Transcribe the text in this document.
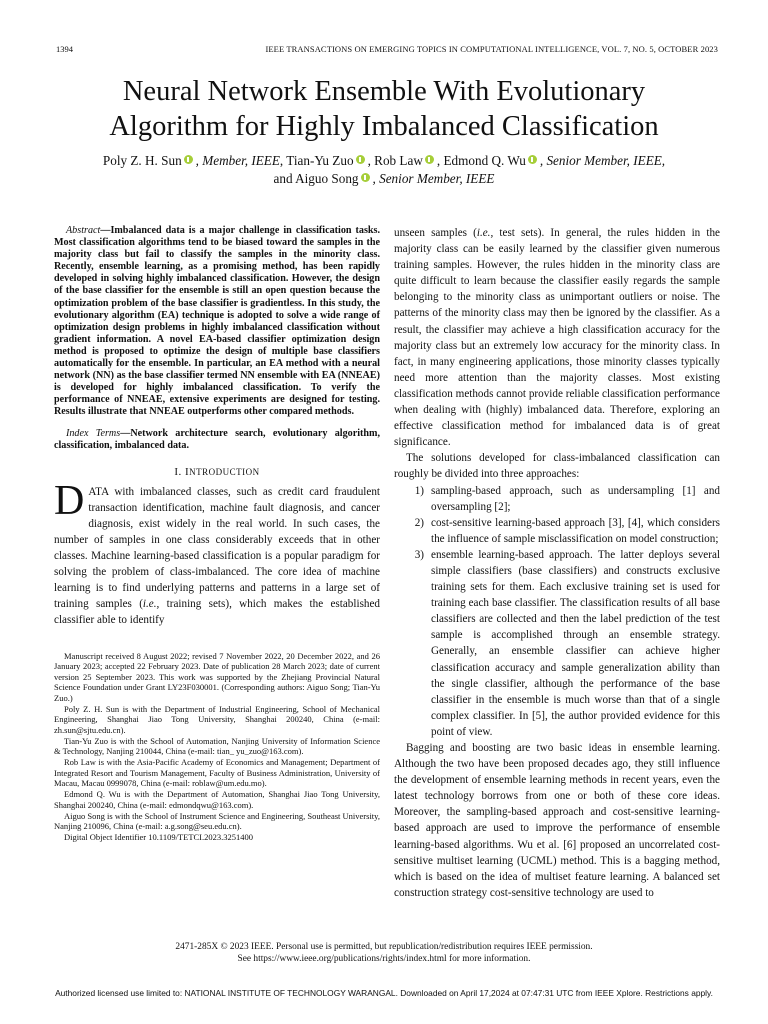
1394	IEEE TRANSACTIONS ON EMERGING TOPICS IN COMPUTATIONAL INTELLIGENCE, VOL. 7, NO. 5, OCTOBER 2023
Neural Network Ensemble With Evolutionary
Algorithm for Highly Imbalanced Classification
Poly Z. H. Sun , Member, IEEE, Tian-Yu Zuo , Rob Law , Edmond Q. Wu , Senior Member, IEEE,
and Aiguo Song , Senior Member, IEEE

Abstract—Imbalanced data is a major challenge in classification tasks. Most classification algorithms tend to be biased toward the samples in the majority class but fail to classify the samples in the minority class. Recently, ensemble learning, as a promising method, has been rapidly developed in solving highly imbalanced classification. However, the design of the base classifier for the ensemble is still an open question because the optimization problem of the base classifier is gradientless. In this study, the evolutionary algorithm (EA) technique is adopted to solve a wide range of optimization design problems in highly imbalanced classification without gradient information. A novel EA-based classifier optimization design method is proposed to optimize the design of multiple base classifiers automatically for the ensemble. In particular, an EA method with a neural network (NN) as the base classifier termed NN ensemble with EA (NNEAE) is developed for highly imbalanced classification. To verify the performance of NNEAE, extensive experiments are designed for testing. Results illustrate that NNEAE outperforms other compared methods.

Index Terms—Network architecture search, evolutionary algorithm, classification, imbalanced data.

I. INTRODUCTION

DATA with imbalanced classes, such as credit card fraudulent transaction identification, machine fault diagnosis, and cancer diagnosis, exist widely in the real world. In such cases, the number of samples in one class considerably exceeds that in other classes. Machine learning-based classification is a popular paradigm for solving the problem of class-imbalanced. The core idea of machine learning is to find underlying patterns and patterns in a large set of training samples (i.e., training sets), which makes the established classifier able to identify

Manuscript received 8 August 2022; revised 7 November 2022, 20 December 2022, and 26 January 2023; accepted 22 February 2023. Date of publication 28 March 2023; date of current version 25 September 2023. This work was supported by the Zhejiang Provincial Natural Science Foundation under Grant LY23F030001. (Corresponding authors: Aiguo Song; Tian-Yu Zuo.)

Poly Z. H. Sun is with the Department of Industrial Engineering, School of Mechanical Engineering, Shanghai Jiao Tong University, Shanghai 200240, China (e-mail: zh.sun@sjtu.edu.cn).

Tian-Yu Zuo is with the School of Automation, Nanjing University of Information Science & Technology, Nanjing 210044, China (e-mail: tian_ yu_zuo@163.com).

Rob Law is with the Asia-Pacific Academy of Economics and Management; Department of Integrated Resort and Tourism Management, Faculty of Business Administration, University of Macau, Macau 0999078, China (e-mail: roblaw@um.edu.mo).

Edmond Q. Wu is with the Department of Automation, Shanghai Jiao Tong University, Shanghai 200240, China (e-mail: edmondqwu@163.com).

Aiguo Song is with the School of Instrument Science and Engineering, Southeast University, Nanjing 210096, China (e-mail: a.g.song@seu.edu.cn).

Digital Object Identifier 10.1109/TETCI.2023.3251400

unseen samples (i.e., test sets). In general, the rules hidden in the majority class can be easily learned by the classifier given numerous training samples. However, the rules hidden in the minority class are quite difficult to learn because the classifier easily regards the sample belonging to the minority class as unimportant outliers or noise. The patterns of the minority class may then be ignored by the classifier. As a result, the classifier may achieve a high classification accuracy for the majority class but an extremely low accuracy for the minority class. In fact, in many engineering applications, those minority classes typically need more attention than the majority classes. Most existing classification methods cannot provide reliable classification performance when dealing with (highly) imbalanced data. Therefore, exploring an effective classification method for imbalanced data is of great significance.

The solutions developed for class-imbalanced classification can roughly be divided into three approaches:

1) sampling-based approach, such as undersampling [1] and oversampling [2];
2) cost-sensitive learning-based approach [3], [4], which considers the influence of sample misclassification on model construction;
3) ensemble learning-based approach. The latter deploys several simple classifiers (base classifiers) and constructs exclusive training sets for them. Each exclusive training set is used for training each base classifier. The classification results of all base classifiers are collected and then the label prediction of the test sample is accomplished through an ensemble strategy. Generally, an ensemble classifier can achieve higher classification accuracy and sample generalization ability than the single classifier, although the performance of the base classifier in the ensemble is much worse than that of a single complex classifier. In [5], the author provided evidence for this point of view.

Bagging and boosting are two basic ideas in ensemble learning. Although the two have been proposed decades ago, they still influence the development of ensemble learning methods in recent years, even the latest technology borrows from one or both of these core ideas. Moreover, the sampling-based approach and cost-sensitive learning-based approach are used to improve the performance of ensemble learning-based algorithms. Wu et al. [6] proposed an uncorrelated cost-sensitive multiset learning (UCML) method. This is a bagging method, which is based on the idea of multiset feature learning. A balanced set construction strategy cost-sensitive technology are used to

2471-285X © 2023 IEEE. Personal use is permitted, but republication/redistribution requires IEEE permission.
See https://www.ieee.org/publications/rights/index.html for more information.
Authorized licensed use limited to: NATIONAL INSTITUTE OF TECHNOLOGY WARANGAL. Downloaded on April 17,2024 at 07:47:31 UTC from IEEE Xplore. Restrictions apply.
